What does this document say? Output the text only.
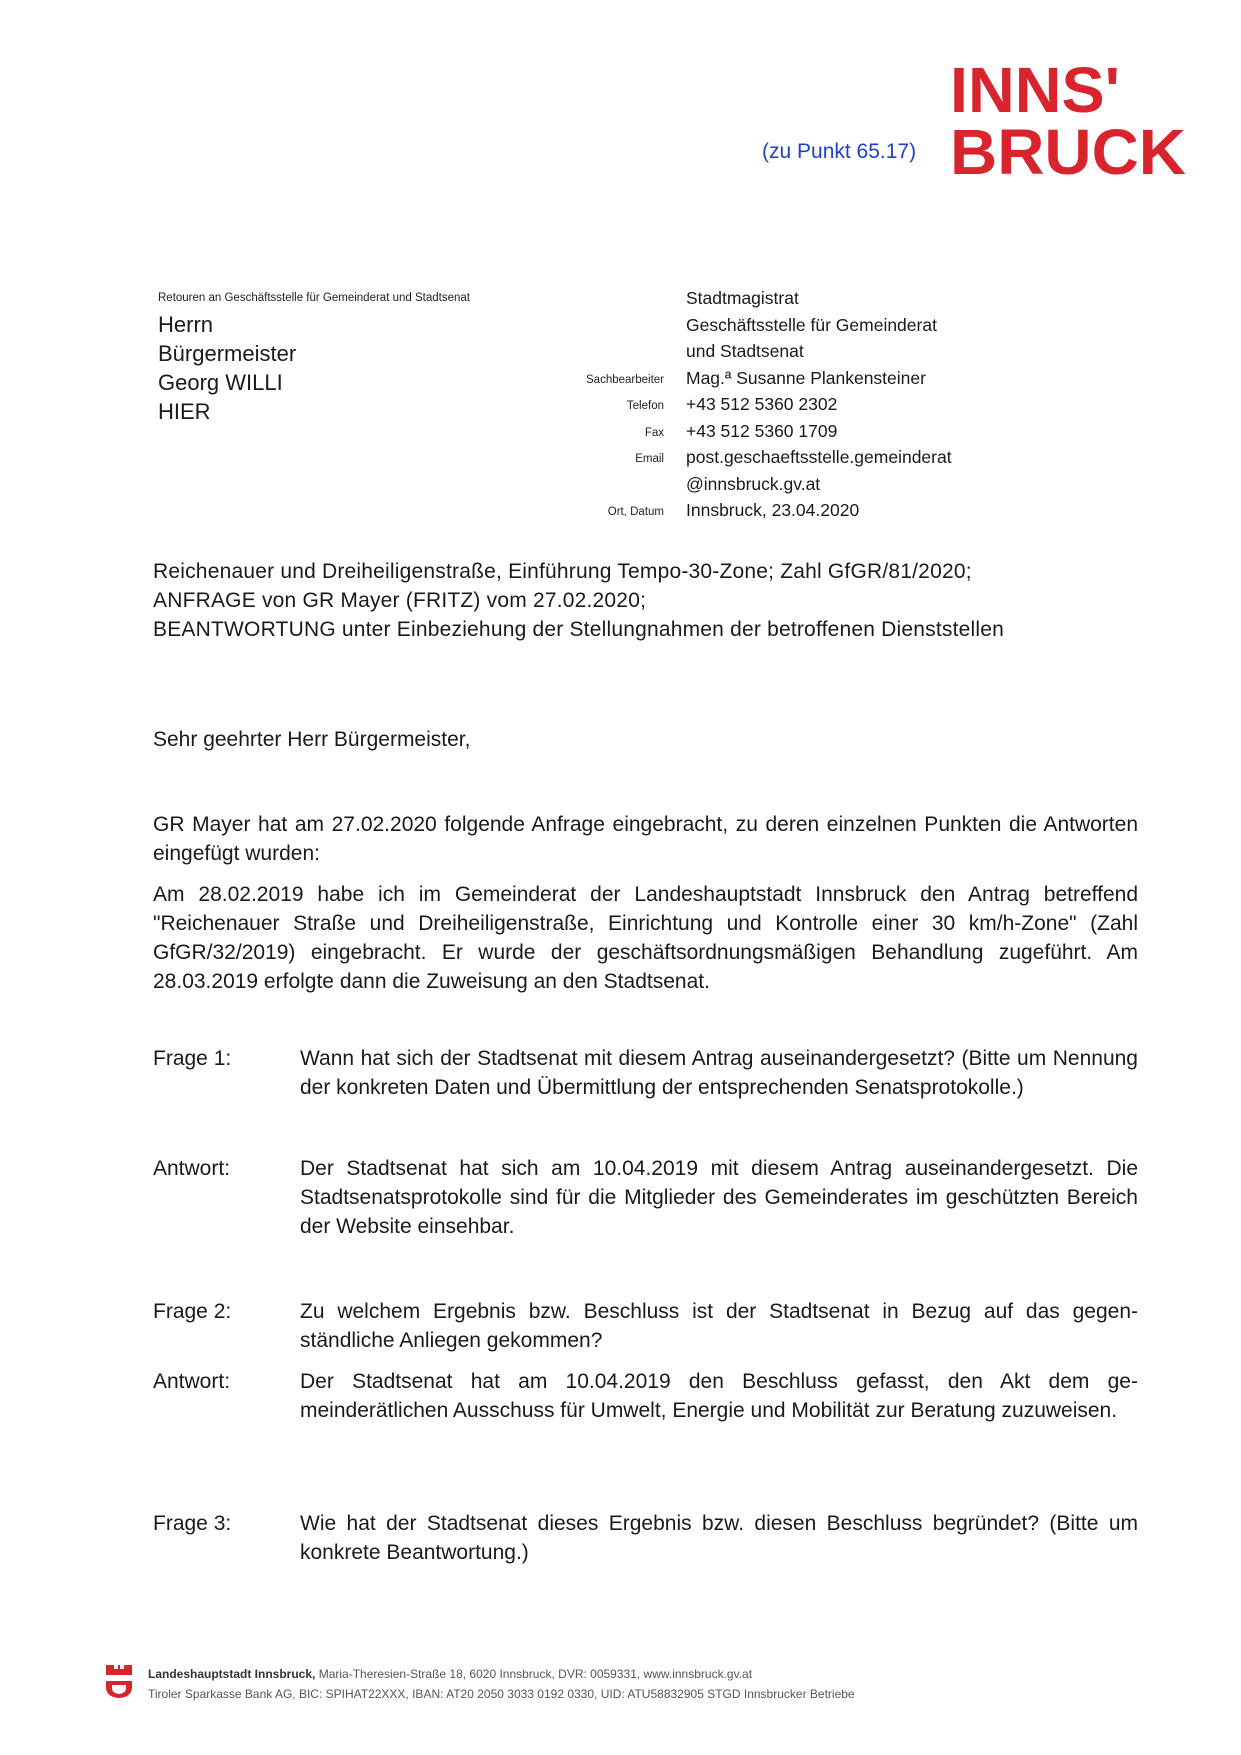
(zu Punkt 65.17)
INNS'
BRUCK
Retouren an Geschäftsstelle für Gemeinderat und Stadtsenat
Herrn
Bürgermeister
Georg WILLI
HIER
Stadtmagistrat
Geschäftsstelle für Gemeinderat
und Stadtsenat
Sachbearbeiter Mag.ª Susanne Plankensteiner
Telefon +43 512 5360 2302
Fax +43 512 5360 1709
Email post.geschaeftsstelle.gemeinderat
@innsbruck.gv.at
Ort, Datum Innsbruck, 23.04.2020
Reichenauer und Dreiheiligenstraße, Einführung Tempo-30-Zone; Zahl GfGR/81/2020;
ANFRAGE von GR Mayer (FRITZ) vom 27.02.2020;
BEANTWORTUNG unter Einbeziehung der Stellungnahmen der betroffenen Dienststellen
Sehr geehrter Herr Bürgermeister,
GR Mayer hat am 27.02.2020 folgende Anfrage eingebracht, zu deren einzelnen Punkten die Antworten eingefügt wurden:
Am 28.02.2019 habe ich im Gemeinderat der Landeshauptstadt Innsbruck den Antrag betreffend "Reichenauer Straße und Dreiheiligenstraße, Einrichtung und Kontrolle einer 30 km/h-Zone" (Zahl GfGR/32/2019) eingebracht. Er wurde der geschäftsordnungsmäßigen Behandlung zugeführt. Am 28.03.2019 erfolgte dann die Zuweisung an den Stadtsenat.
Frage 1:	Wann hat sich der Stadtsenat mit diesem Antrag auseinandergesetzt? (Bitte um Nennung der konkreten Daten und Übermittlung der entsprechenden Senatsprotokolle.)
Antwort:	Der Stadtsenat hat sich am 10.04.2019 mit diesem Antrag auseinandergesetzt. Die Stadtsenatsprotokolle sind für die Mitglieder des Gemeinderates im geschützten Bereich der Website einsehbar.
Frage 2:	Zu welchem Ergebnis bzw. Beschluss ist der Stadtsenat in Bezug auf das gegenständliche Anliegen gekommen?
Antwort:	Der Stadtsenat hat am 10.04.2019 den Beschluss gefasst, den Akt dem gemeinderätlichen Ausschuss für Umwelt, Energie und Mobilität zur Beratung zuzuweisen.
Frage 3:	Wie hat der Stadtsenat dieses Ergebnis bzw. diesen Beschluss begründet? (Bitte um konkrete Beantwortung.)
Landeshauptstadt Innsbruck, Maria-Theresien-Straße 18, 6020 Innsbruck, DVR: 0059331, www.innsbruck.gv.at
Tiroler Sparkasse Bank AG, BIC: SPIHAT22XXX, IBAN: AT20 2050 3033 0192 0330, UID: ATU58832905 STGD Innsbrucker Betriebe
